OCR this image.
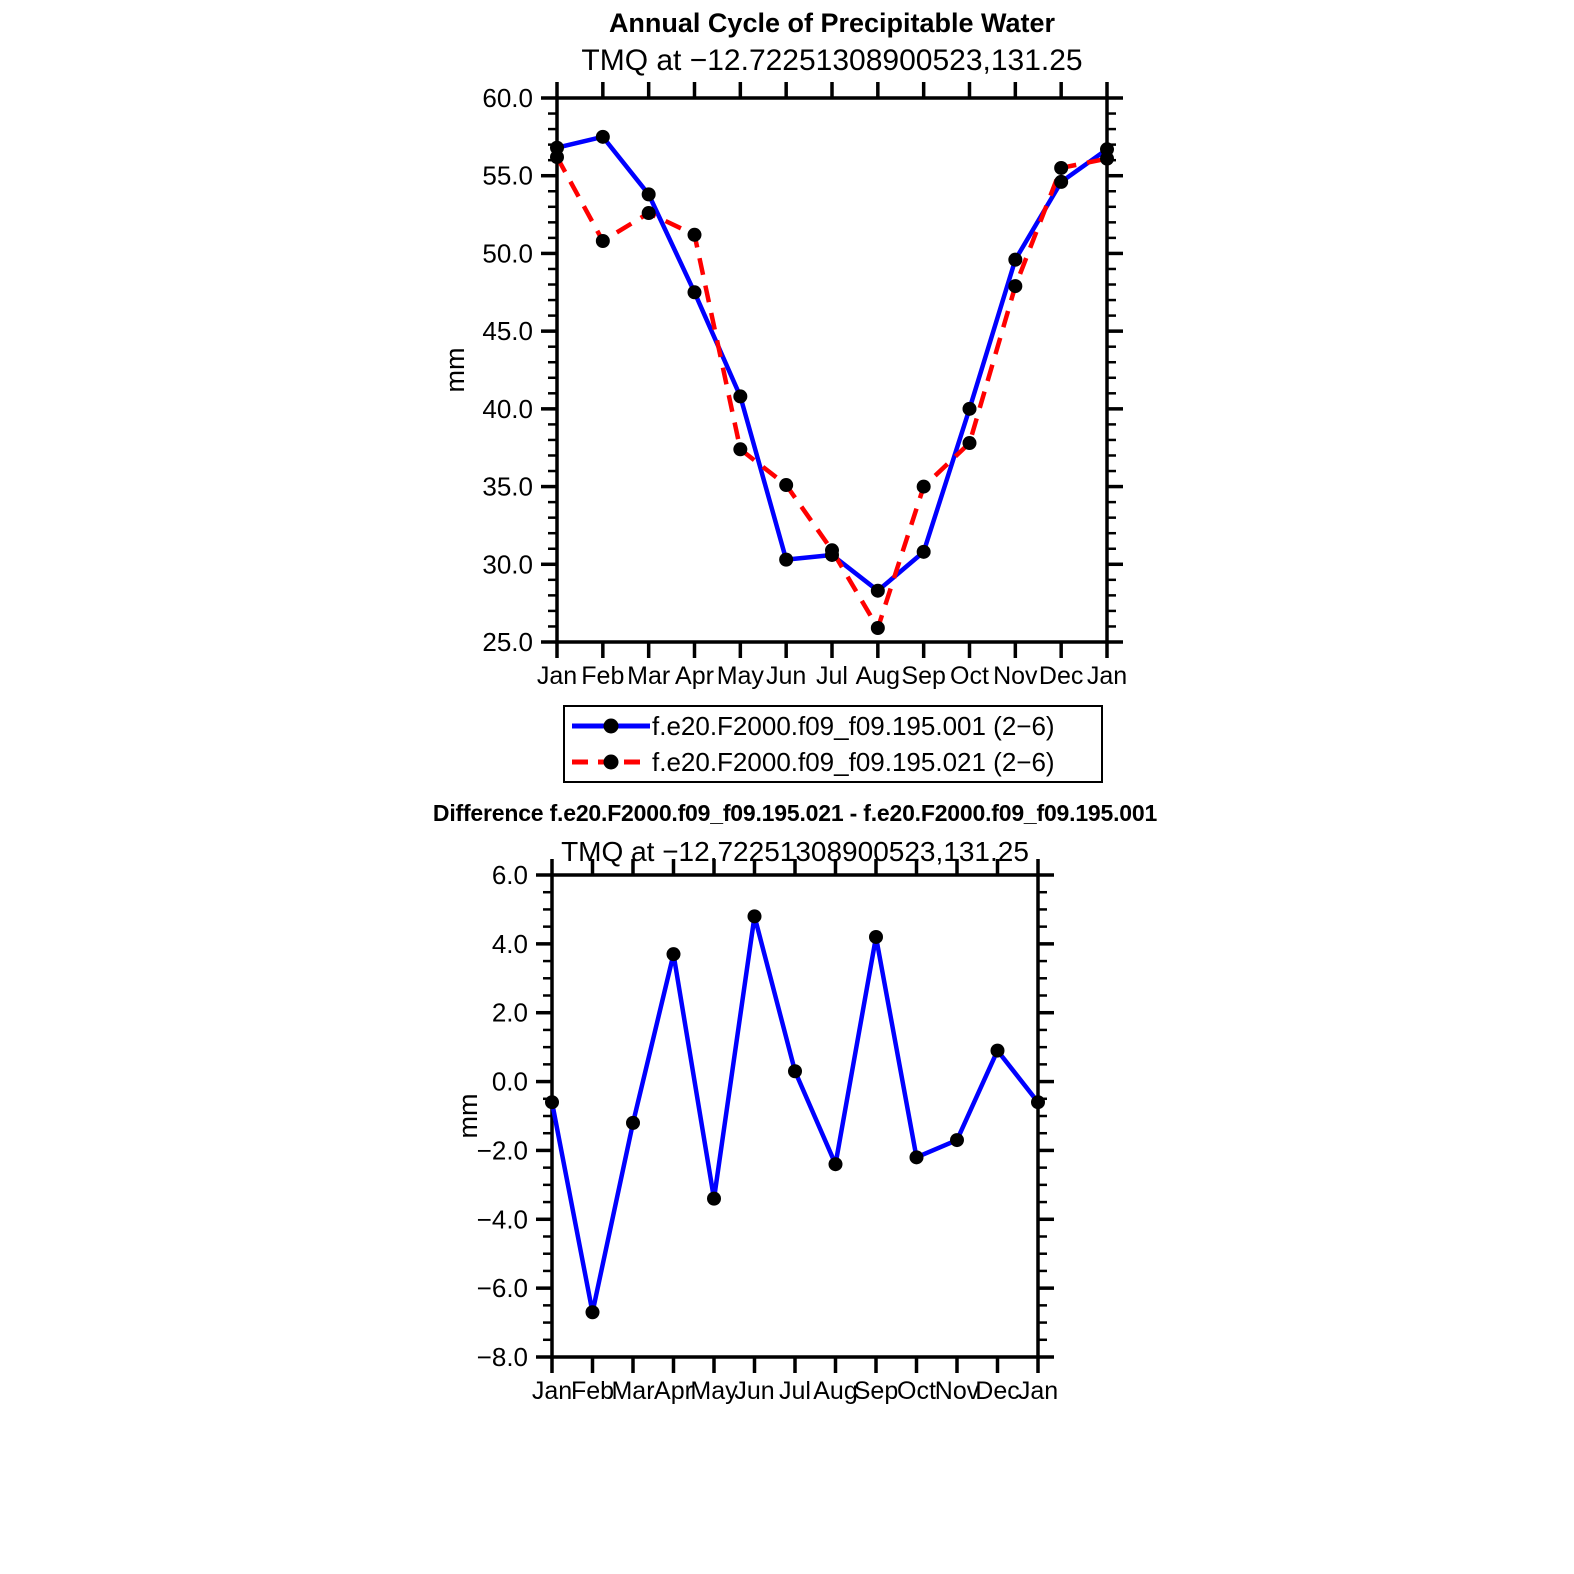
Annual Cycle of Precipitable Water
TMQ at −12.72251308900523,131.25
mm
Difference f.e20.F2000.f09_f09.195.021 - f.e20.F2000.f09_f09.195.001
TMQ at −12.72251308900523,131.25
mm
25.0
30.0
35.0
40.0
45.0
50.0
55.0
60.0
Jan Feb Mar Apr May Jun Jul Aug Sep Oct Nov Dec Jan
−8.0
−6.0
−4.0
−2.0
0.0
2.0
4.0
6.0
Jan
Feb
Mar Apr
May
Jun Jul Aug
Sep
Oct
Nov
Dec
Jan
f.e20.F2000.f09_f09.195.001 (2−6)
f.e20.F2000.f09_f09.195.021 (2−6)
